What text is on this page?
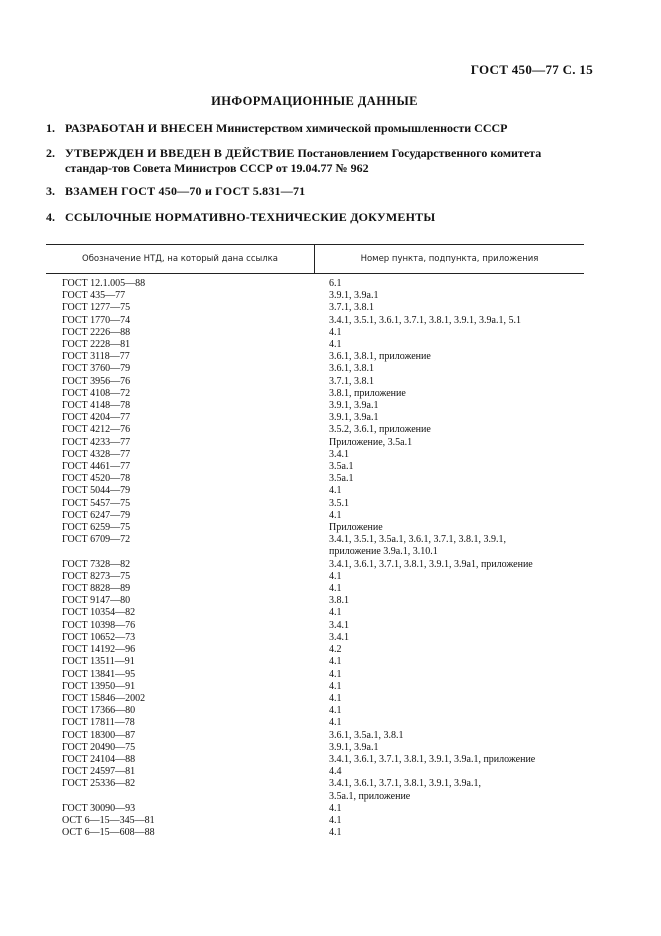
ГОСТ 450—77 С. 15
ИНФОРМАЦИОННЫЕ ДАННЫЕ
1. РАЗРАБОТАН И ВНЕСЕН Министерством химической промышленности СССР
2. УТВЕРЖДЕН И ВВЕДЕН В ДЕЙСТВИЕ Постановлением Государственного комитета стандар-тов Совета Министров СССР от 19.04.77 № 962
3. ВЗАМЕН ГОСТ 450—70 и ГОСТ 5.831—71
4. ССЫЛОЧНЫЕ НОРМАТИВНО-ТЕХНИЧЕСКИЕ ДОКУМЕНТЫ
Обозначение НТД, на который дана ссылка	Номер пункта, подпункта, приложения
ГОСТ 12.1.005—88	6.1
ГОСТ 435—77	3.9.1, 3.9а.1
ГОСТ 1277—75	3.7.1, 3.8.1
ГОСТ 1770—74	3.4.1, 3.5.1, 3.6.1, 3.7.1, 3.8.1, 3.9.1, 3.9а.1, 5.1
ГОСТ 2226—88	4.1
ГОСТ 2228—81	4.1
ГОСТ 3118—77	3.6.1, 3.8.1, приложение
ГОСТ 3760—79	3.6.1, 3.8.1
ГОСТ 3956—76	3.7.1, 3.8.1
ГОСТ 4108—72	3.8.1, приложение
ГОСТ 4148—78	3.9.1, 3.9а.1
ГОСТ 4204—77	3.9.1, 3.9а.1
ГОСТ 4212—76	3.5.2, 3.6.1, приложение
ГОСТ 4233—77	Приложение, 3.5а.1
ГОСТ 4328—77	3.4.1
ГОСТ 4461—77	3.5а.1
ГОСТ 4520—78	3.5а.1
ГОСТ 5044—79	4.1
ГОСТ 5457—75	3.5.1
ГОСТ 6247—79	4.1
ГОСТ 6259—75	Приложение
ГОСТ 6709—72	3.4.1, 3.5.1, 3.5а.1, 3.6.1, 3.7.1, 3.8.1, 3.9.1,
приложение 3.9а.1, 3.10.1
ГОСТ 7328—82	3.4.1, 3.6.1, 3.7.1, 3.8.1, 3.9.1, 3.9а1, приложение
ГОСТ 8273—75	4.1
ГОСТ 8828—89	4.1
ГОСТ 9147—80	3.8.1
ГОСТ 10354—82	4.1
ГОСТ 10398—76	3.4.1
ГОСТ 10652—73	3.4.1
ГОСТ 14192—96	4.2
ГОСТ 13511—91	4.1
ГОСТ 13841—95	4.1
ГОСТ 13950—91	4.1
ГОСТ 15846—2002	4.1
ГОСТ 17366—80	4.1
ГОСТ 17811—78	4.1
ГОСТ 18300—87	3.6.1, 3.5а.1, 3.8.1
ГОСТ 20490—75	3.9.1, 3.9а.1
ГОСТ 24104—88	3.4.1, 3.6.1, 3.7.1, 3.8.1, 3.9.1, 3.9а.1, приложение
ГОСТ 24597—81	4.4
ГОСТ 25336—82	3.4.1, 3.6.1, 3.7.1, 3.8.1, 3.9.1, 3.9а.1,
3.5а.1, приложение
ГОСТ 30090—93	4.1
ОСТ 6—15—345—81	4.1
ОСТ 6—15—608—88	4.1
